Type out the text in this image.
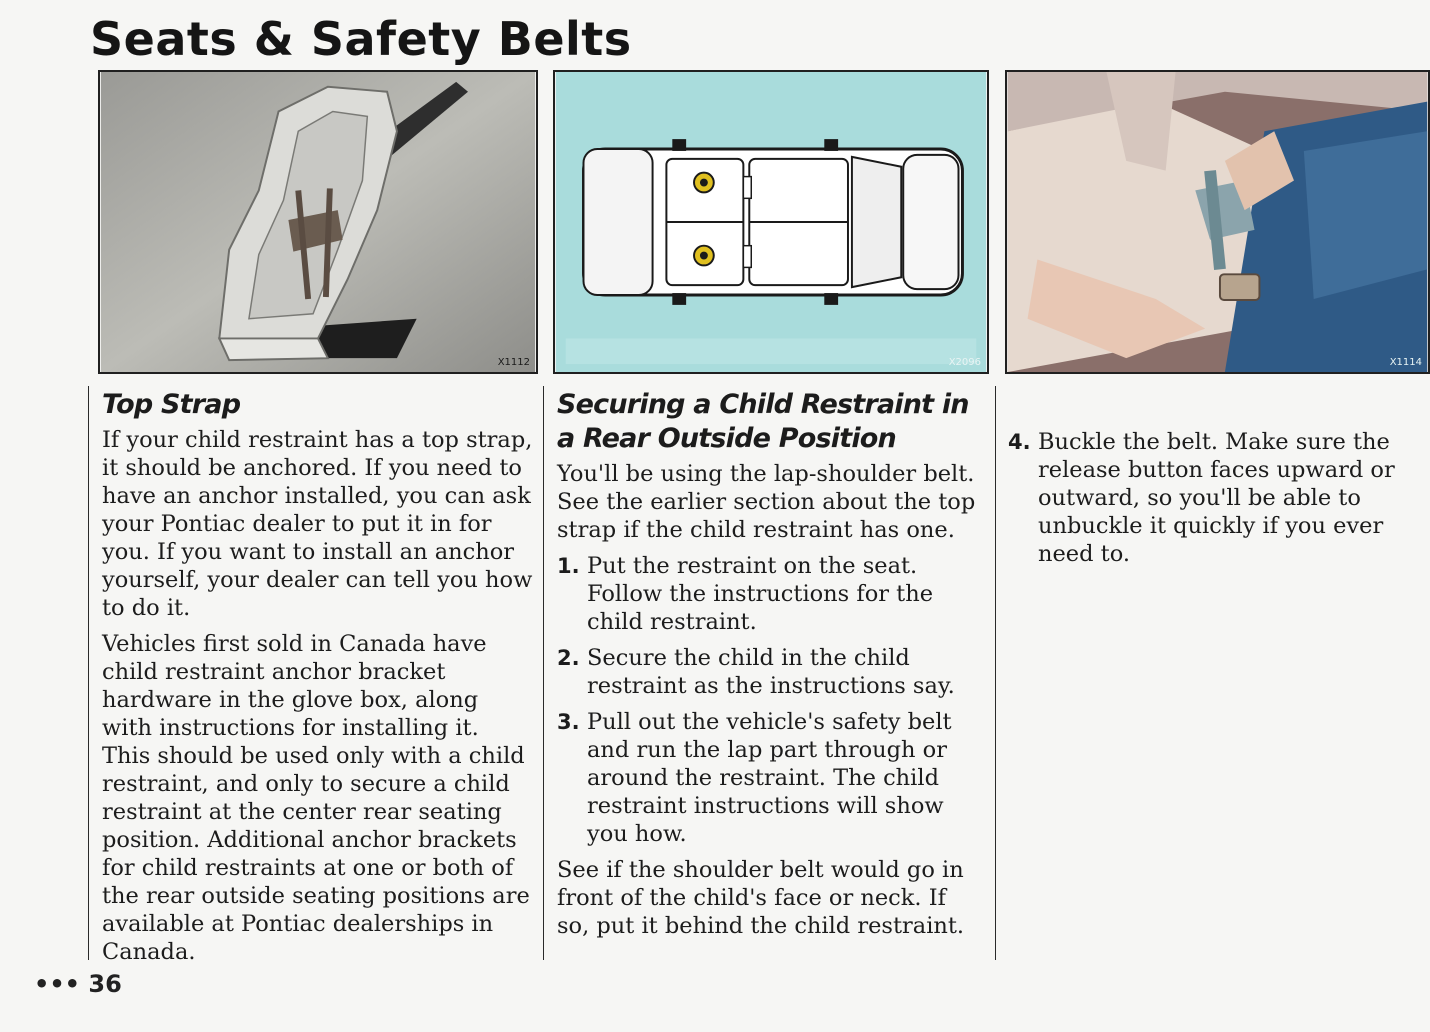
Seats & Safety Belts
X1112	X2096	X1114
Top Strap

If your child restraint has a top strap, it should be anchored. If you need to have an anchor installed, you can ask your Pontiac dealer to put it in for you. If you want to install an anchor yourself, your dealer can tell you how to do it.

Vehicles first sold in Canada have child restraint anchor bracket hardware in the glove box, along with instructions for installing it. This should be used only with a child restraint, and only to secure a child restraint at the center rear seating position. Additional anchor brackets for child restraints at one or both of the rear outside seating positions are available at Pontiac dealerships in Canada.

Securing a Child Restraint in a Rear Outside Position

You'll be using the lap-shoulder belt. See the earlier section about the top strap if the child restraint has one.

1. Put the restraint on the seat. Follow the instructions for the child restraint.
2. Secure the child in the child restraint as the instructions say.
3. Pull out the vehicle's safety belt and run the lap part through or around the restraint. The child restraint instructions will show you how.

See if the shoulder belt would go in front of the child's face or neck. If so, put it behind the child restraint.

4. Buckle the belt. Make sure the release button faces upward or outward, so you'll be able to unbuckle it quickly if you ever need to.
••• 36
